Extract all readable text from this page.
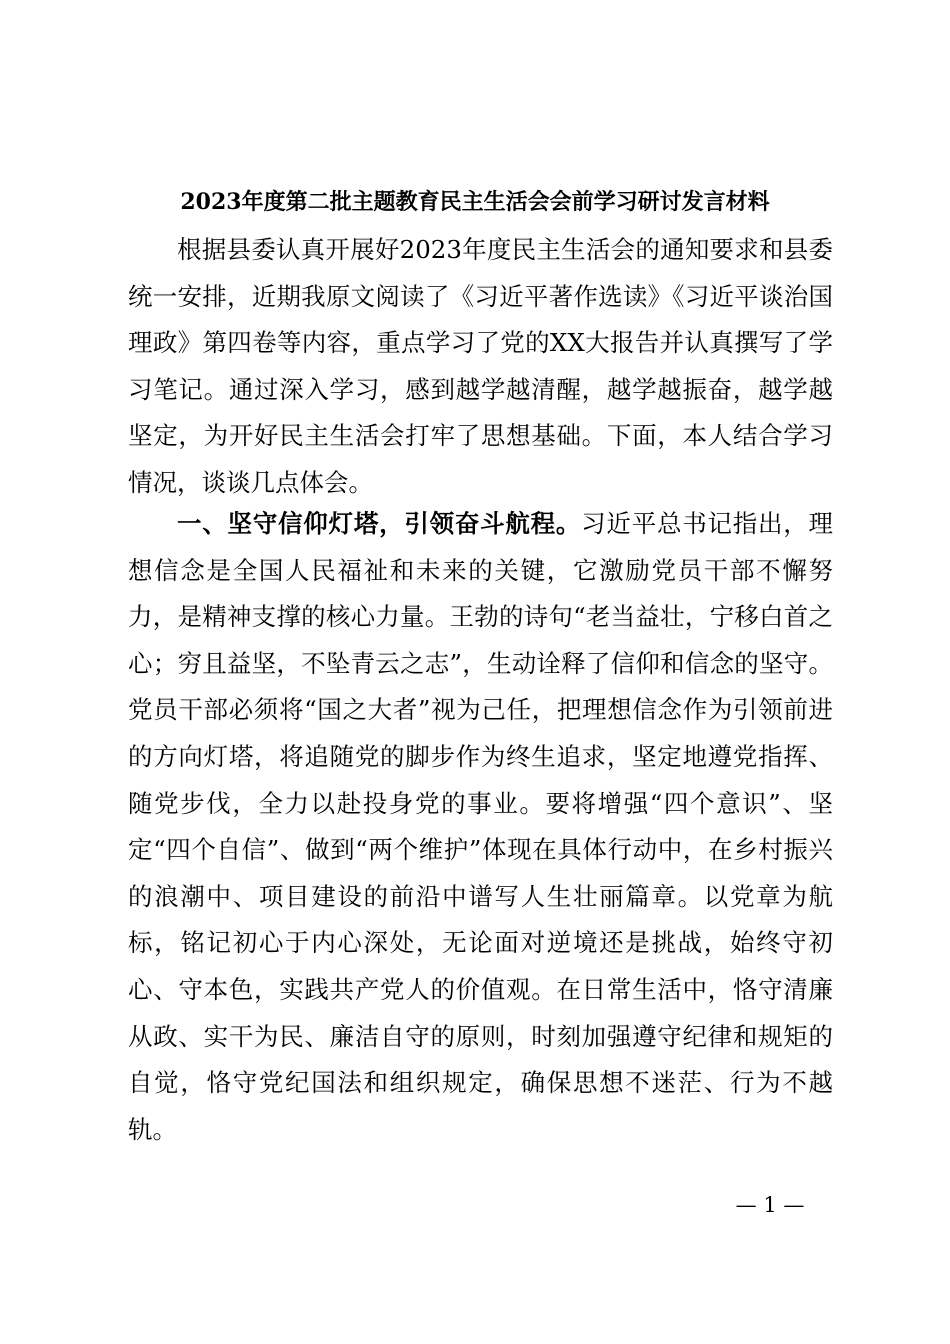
2023年度第二批主题教育民主生活会会前学习研讨发言材料

根据县委认真开展好2023年度民主生活会的通知要求和县委统一安排，近期我原文阅读了《习近平著作选读》《习近平谈治国理政》第四卷等内容，重点学习了党的XX大报告并认真撰写了学习笔记。通过深入学习，感到越学越清醒，越学越振奋，越学越坚定，为开好民主生活会打牢了思想基础。下面，本人结合学习情况，谈谈几点体会。

一、坚守信仰灯塔，引领奋斗航程。习近平总书记指出，理想信念是全国人民福祉和未来的关键，它激励党员干部不懈努力，是精神支撑的核心力量。王勃的诗句“老当益壮，宁移白首之心；穷且益坚，不坠青云之志”，生动诠释了信仰和信念的坚守。党员干部必须将“国之大者”视为己任，把理想信念作为引领前进的方向灯塔，将追随党的脚步作为终生追求，坚定地遵党指挥、随党步伐，全力以赴投身党的事业。要将增强“四个意识”、坚定“四个自信”、做到“两个维护”体现在具体行动中，在乡村振兴的浪潮中、项目建设的前沿中谱写人生壮丽篇章。以党章为航标，铭记初心于内心深处，无论面对逆境还是挑战，始终守初心、守本色，实践共产党人的价值观。在日常生活中，恪守清廉从政、实干为民、廉洁自守的原则，时刻加强遵守纪律和规矩的自觉，恪守党纪国法和组织规定，确保思想不迷茫、行为不越轨。

— 1 —
